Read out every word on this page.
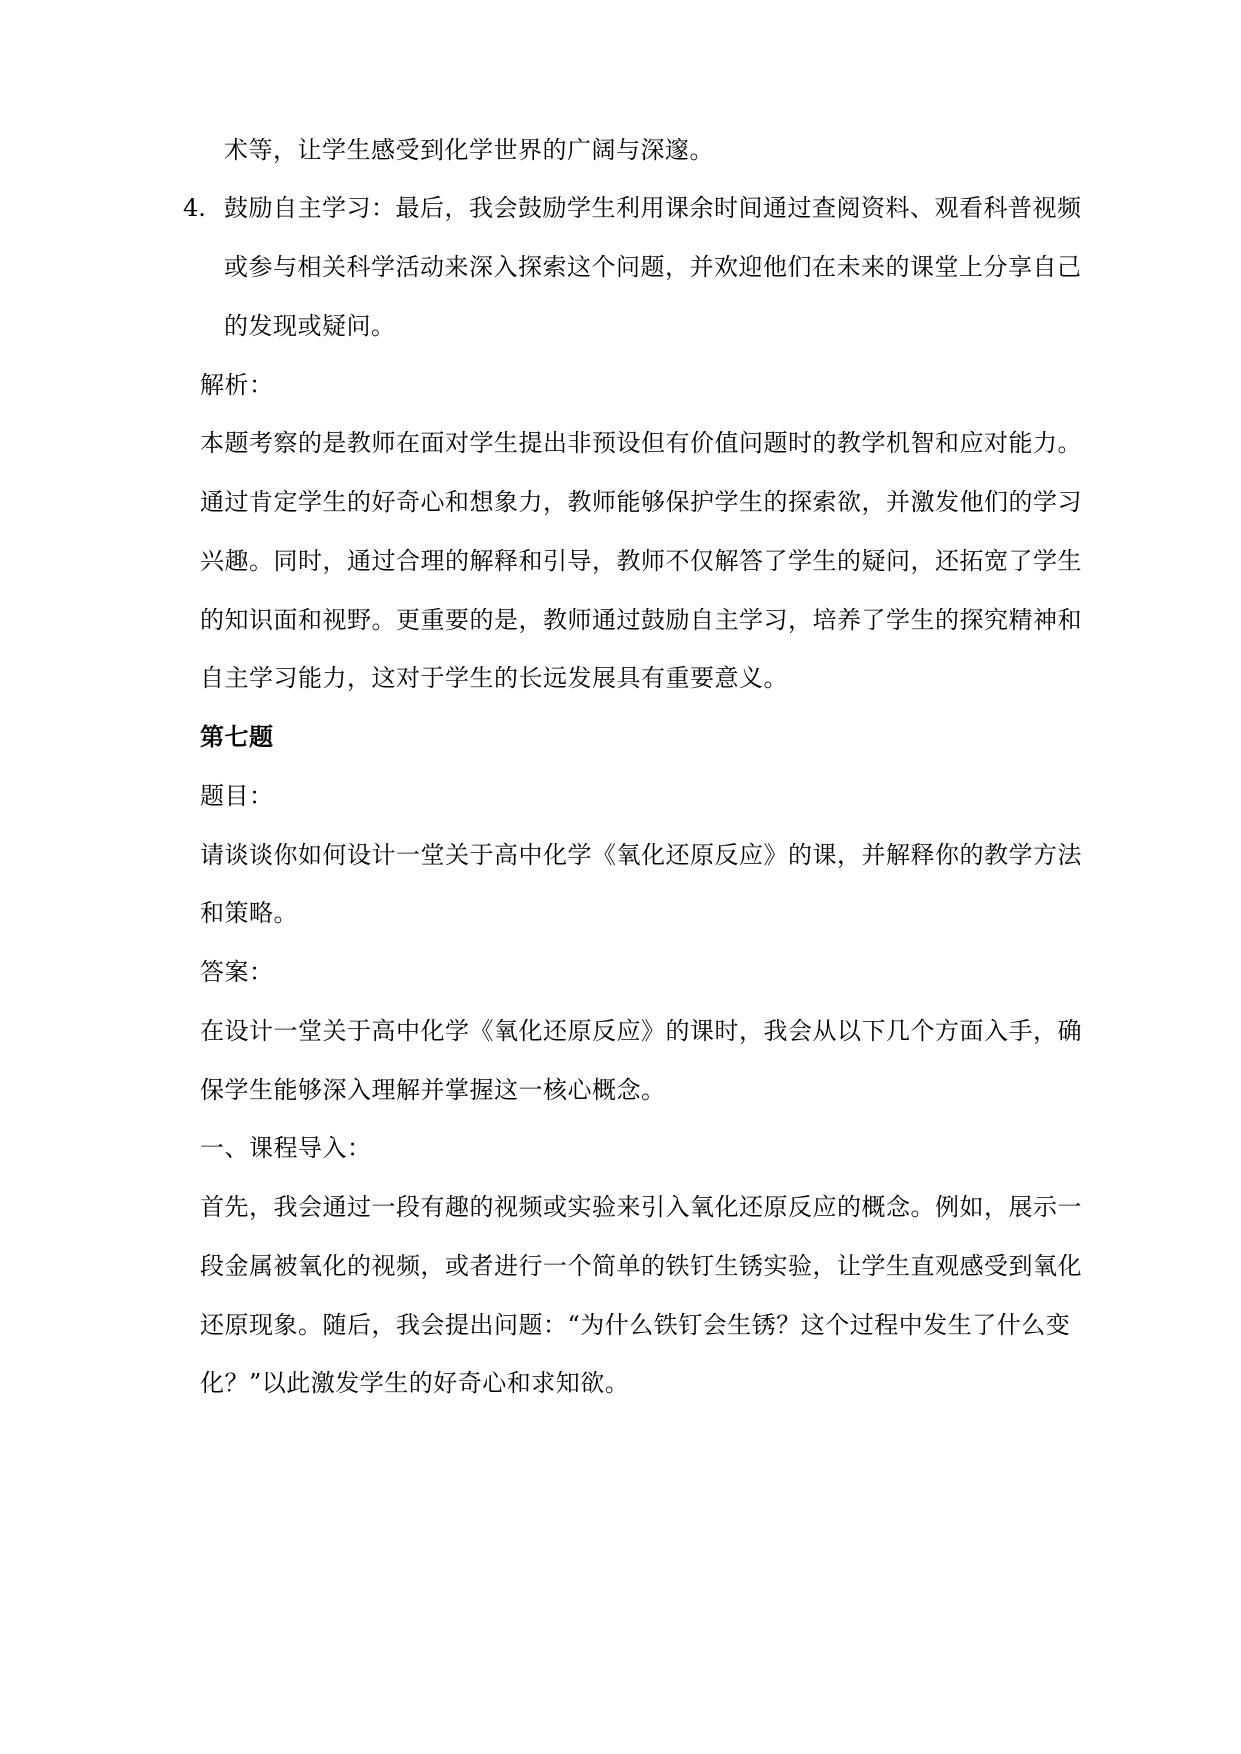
术等，让学生感受到化学世界的广阔与深邃。
4. 鼓励自主学习：最后，我会鼓励学生利用课余时间通过查阅资料、观看科普视频
或参与相关科学活动来深入探索这个问题，并欢迎他们在未来的课堂上分享自己
的发现或疑问。
解析：
本题考察的是教师在面对学生提出非预设但有价值问题时的教学机智和应对能力。
通过肯定学生的好奇心和想象力，教师能够保护学生的探索欲，并激发他们的学习
兴趣。同时，通过合理的解释和引导，教师不仅解答了学生的疑问，还拓宽了学生
的知识面和视野。更重要的是，教师通过鼓励自主学习，培养了学生的探究精神和
自主学习能力，这对于学生的长远发展具有重要意义。
第七题
题目：
请谈谈你如何设计一堂关于高中化学《氧化还原反应》的课，并解释你的教学方法
和策略。
答案：
在设计一堂关于高中化学《氧化还原反应》的课时，我会从以下几个方面入手，确
保学生能够深入理解并掌握这一核心概念。
一、课程导入：
首先，我会通过一段有趣的视频或实验来引入氧化还原反应的概念。例如，展示一
段金属被氧化的视频，或者进行一个简单的铁钉生锈实验，让学生直观感受到氧化
还原现象。随后，我会提出问题：“为什么铁钉会生锈？这个过程中发生了什么变
化？”以此激发学生的好奇心和求知欲。
